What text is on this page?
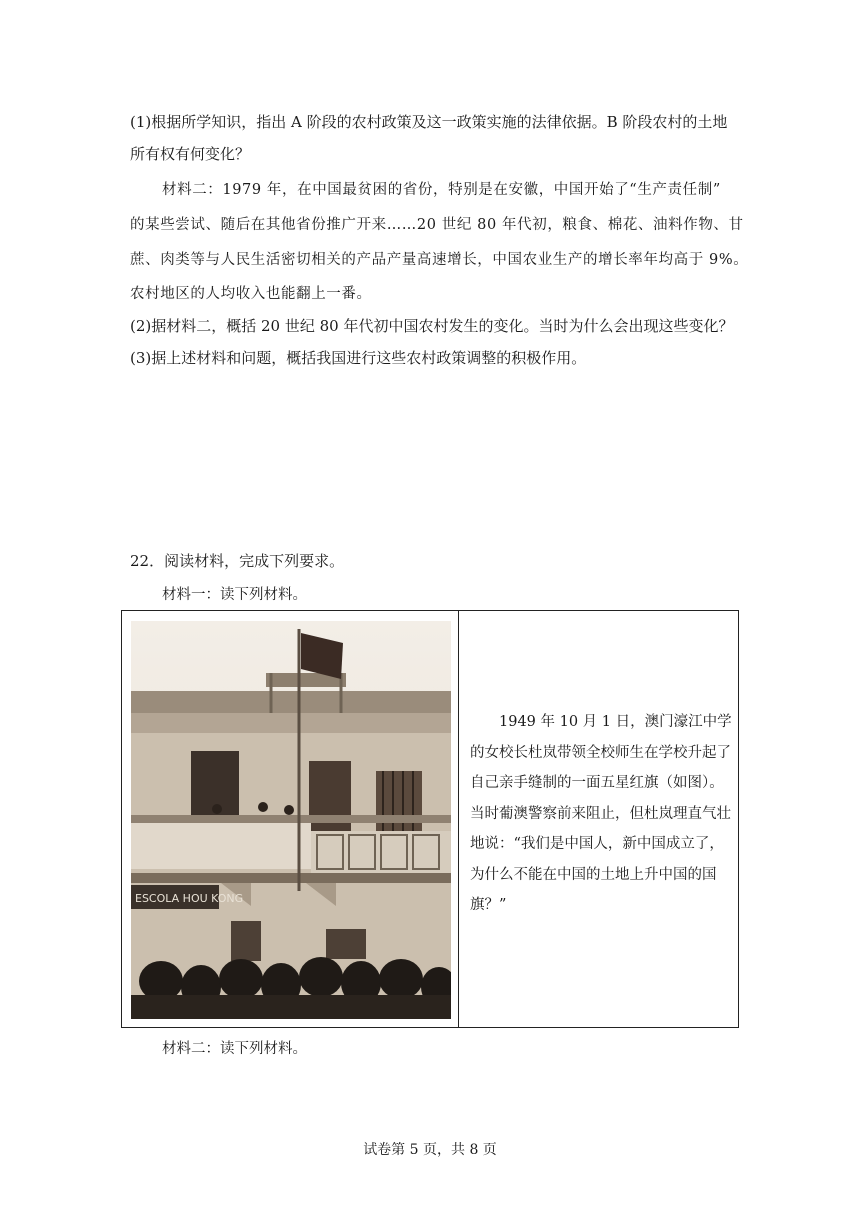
(1)根据所学知识，指出 A 阶段的农村政策及这一政策实施的法律依据。B 阶段农村的土地
所有权有何变化？
材料二：1979 年，在中国最贫困的省份，特别是在安徽，中国开始了“生产责任制”
的某些尝试、随后在其他省份推广开来……20 世纪 80 年代初，粮食、棉花、油料作物、甘
蔗、肉类等与人民生活密切相关的产品产量高速增长，中国农业生产的增长率年均高于 9%。
农村地区的人均收入也能翻上一番。
(2)据材料二，概括 20 世纪 80 年代初中国农村发生的变化。当时为什么会出现这些变化？
(3)据上述材料和问题，概括我国进行这些农村政策调整的积极作用。
22．阅读材料，完成下列要求。
材料一：读下列材料。
ESCOLA HOU KONG

1949 年 10 月 1 日，澳门濠江中学的女校长杜岚带领全校师生在学校升起了自己亲手缝制的一面五星红旗（如图）。当时葡澳警察前来阻止，但杜岚理直气壮地说：“我们是中国人，新中国成立了，为什么不能在中国的土地上升中国的国旗？”
材料二：读下列材料。
试卷第 5 页，共 8 页
